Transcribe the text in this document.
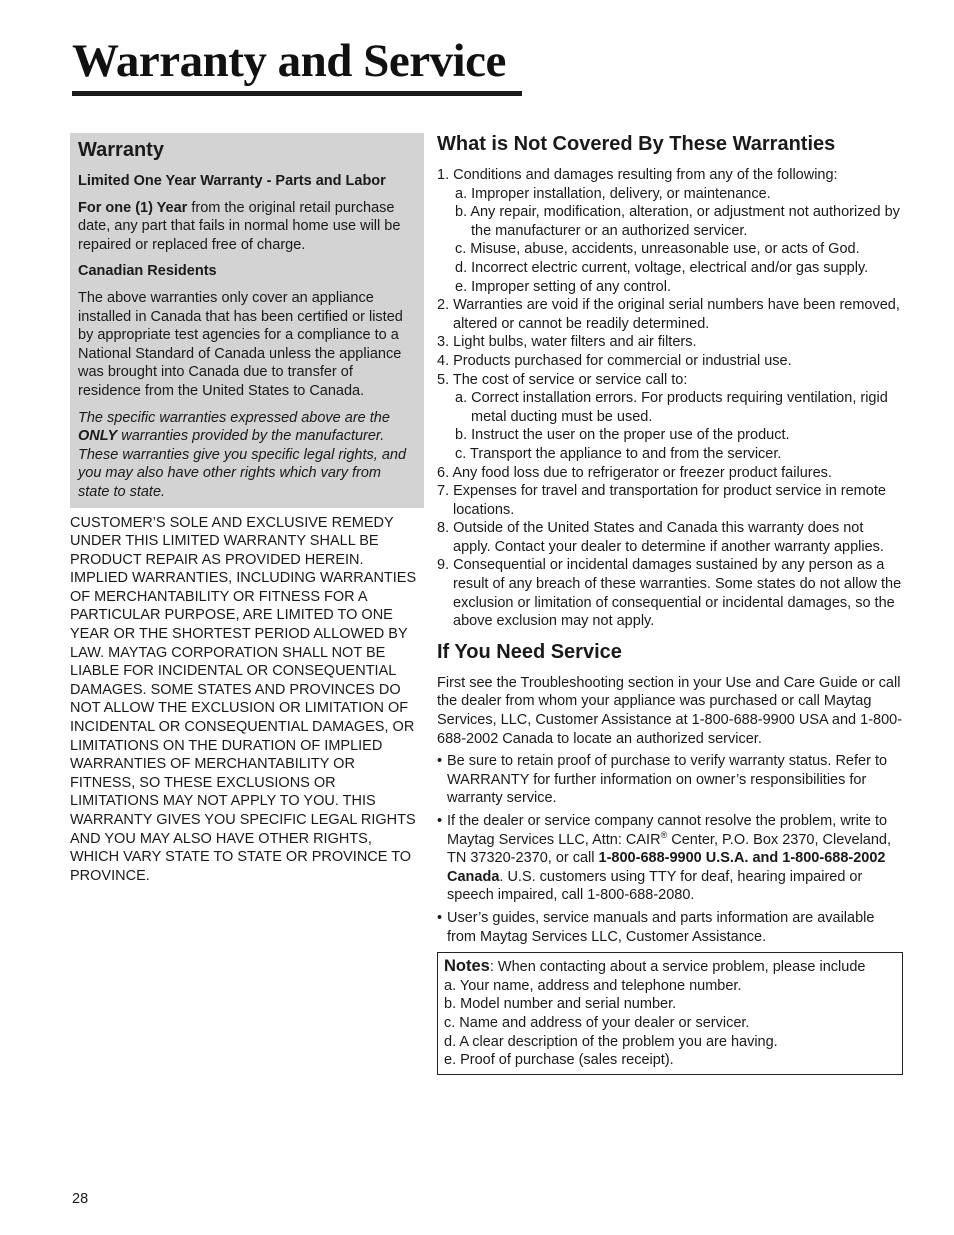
Warranty and Service
Warranty

Limited One Year Warranty - Parts and Labor

For one (1) Year from the original retail purchase date, any part that fails in normal home use will be repaired or replaced free of charge.

Canadian Residents

The above warranties only cover an appliance installed in Canada that has been certified or listed by appropriate test agencies for a compliance to a National Standard of Canada unless the appliance was brought into Canada due to transfer of residence from the United States to Canada.

The specific warranties expressed above are the ONLY warranties provided by the manufacturer. These warranties give you specific legal rights, and you may also have other rights which vary from state to state.

CUSTOMER’S SOLE AND EXCLUSIVE REMEDY UNDER THIS LIMITED WARRANTY SHALL BE PRODUCT REPAIR AS PROVIDED HEREIN. IMPLIED WARRANTIES, INCLUDING WARRANTIES OF MERCHANTABILITY OR FITNESS FOR A PARTICULAR PURPOSE, ARE LIMITED TO ONE YEAR OR THE SHORTEST PERIOD ALLOWED BY LAW. MAYTAG CORPORATION SHALL NOT BE LIABLE FOR INCIDENTAL OR CONSEQUENTIAL DAMAGES. SOME STATES AND PROVINCES DO NOT ALLOW THE EXCLUSION OR LIMITATION OF INCIDENTAL OR CONSEQUENTIAL DAMAGES, OR LIMITATIONS ON THE DURATION OF IMPLIED WARRANTIES OF MERCHANTABILITY OR FITNESS, SO THESE EXCLUSIONS OR LIMITATIONS MAY NOT APPLY TO YOU. THIS WARRANTY GIVES YOU SPECIFIC LEGAL RIGHTS AND YOU MAY ALSO HAVE OTHER RIGHTS, WHICH VARY STATE TO STATE OR PROVINCE TO PROVINCE.

What is Not Covered By These Warranties
1. Conditions and damages resulting from any of the following:
a. Improper installation, delivery, or maintenance.
b. Any repair, modification, alteration, or adjustment not authorized by the manufacturer or an authorized servicer.
c. Misuse, abuse, accidents, unreasonable use, or acts of God.
d. Incorrect electric current, voltage, electrical and/or gas supply.
e. Improper setting of any control.
2. Warranties are void if the original serial numbers have been removed, altered or cannot be readily determined.
3. Light bulbs, water filters and air filters.
4. Products purchased for commercial or industrial use.
5. The cost of service or service call to:
a. Correct installation errors. For products requiring ventilation, rigid metal ducting must be used.
b. Instruct the user on the proper use of the product.
c. Transport the appliance to and from the servicer.
6. Any food loss due to refrigerator or freezer product failures.
7. Expenses for travel and transportation for product service in remote locations.
8. Outside of the United States and Canada this warranty does not apply. Contact your dealer to determine if another warranty applies.
9. Consequential or incidental damages sustained by any person as a result of any breach of these warranties. Some states do not allow the exclusion or limitation of consequential or incidental damages, so the above exclusion may not apply.
If You Need Service

First see the Troubleshooting section in your Use and Care Guide or call the dealer from whom your appliance was purchased or call Maytag Services, LLC, Customer Assistance at 1-800-688-9900 USA and 1-800-688-2002 Canada to locate an authorized servicer.

• Be sure to retain proof of purchase to verify warranty status. Refer to WARRANTY for further information on owner’s responsibilities for warranty service.
• If the dealer or service company cannot resolve the problem, write to Maytag Services LLC, Attn: CAIR® Center, P.O. Box 2370, Cleveland, TN 37320-2370, or call 1-800-688-9900 U.S.A. and 1-800-688-2002 Canada. U.S. customers using TTY for deaf, hearing impaired or speech impaired, call 1-800-688-2080.
• User’s guides, service manuals and parts information are available from Maytag Services LLC, Customer Assistance.
Notes: When contacting about a service problem, please include
a. Your name, address and telephone number.
b. Model number and serial number.
c. Name and address of your dealer or servicer.
d. A clear description of the problem you are having.
e. Proof of purchase (sales receipt).
28
